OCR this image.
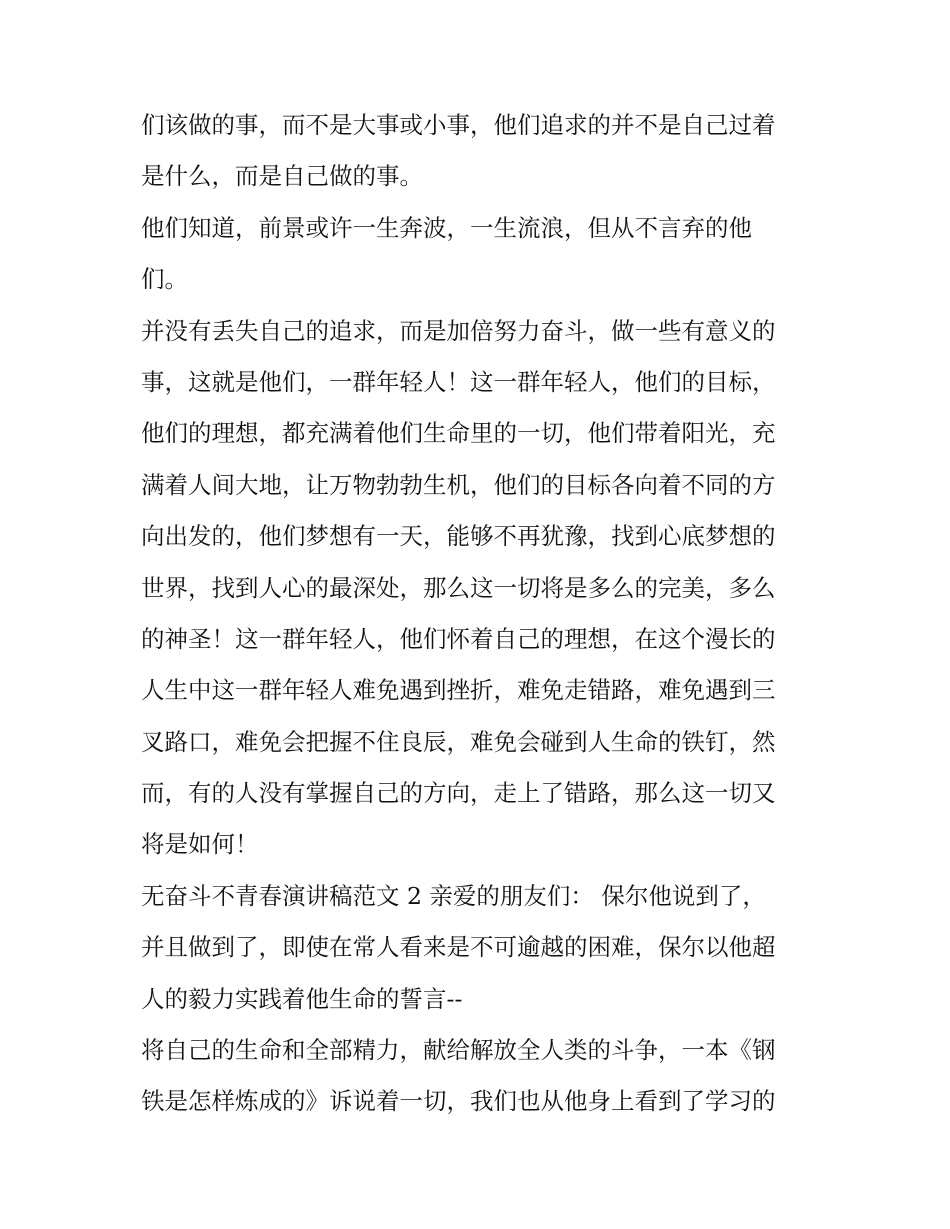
们该做的事，而不是大事或小事，他们追求的并不是自己过着
是什么，而是自己做的事。
他们知道，前景或许一生奔波，一生流浪，但从不言弃的他
们。
并没有丢失自己的追求，而是加倍努力奋斗，做一些有意义的
事，这就是他们，一群年轻人！这一群年轻人，他们的目标，
他们的理想，都充满着他们生命里的一切，他们带着阳光，充
满着人间大地，让万物勃勃生机，他们的目标各向着不同的方
向出发的，他们梦想有一天，能够不再犹豫，找到心底梦想的
世界，找到人心的最深处，那么这一切将是多么的完美，多么
的神圣！这一群年轻人，他们怀着自己的理想，在这个漫长的
人生中这一群年轻人难免遇到挫折，难免走错路，难免遇到三
叉路口，难免会把握不住良辰，难免会碰到人生命的铁钉，然
而，有的人没有掌握自己的方向，走上了错路，那么这一切又
将是如何！
无奋斗不青春演讲稿范文 2 亲爱的朋友们： 保尔他说到了，
并且做到了，即使在常人看来是不可逾越的困难，保尔以他超
人的毅力实践着他生命的誓言--
将自己的生命和全部精力，献给解放全人类的斗争，一本《钢
铁是怎样炼成的》诉说着一切，我们也从他身上看到了学习的
